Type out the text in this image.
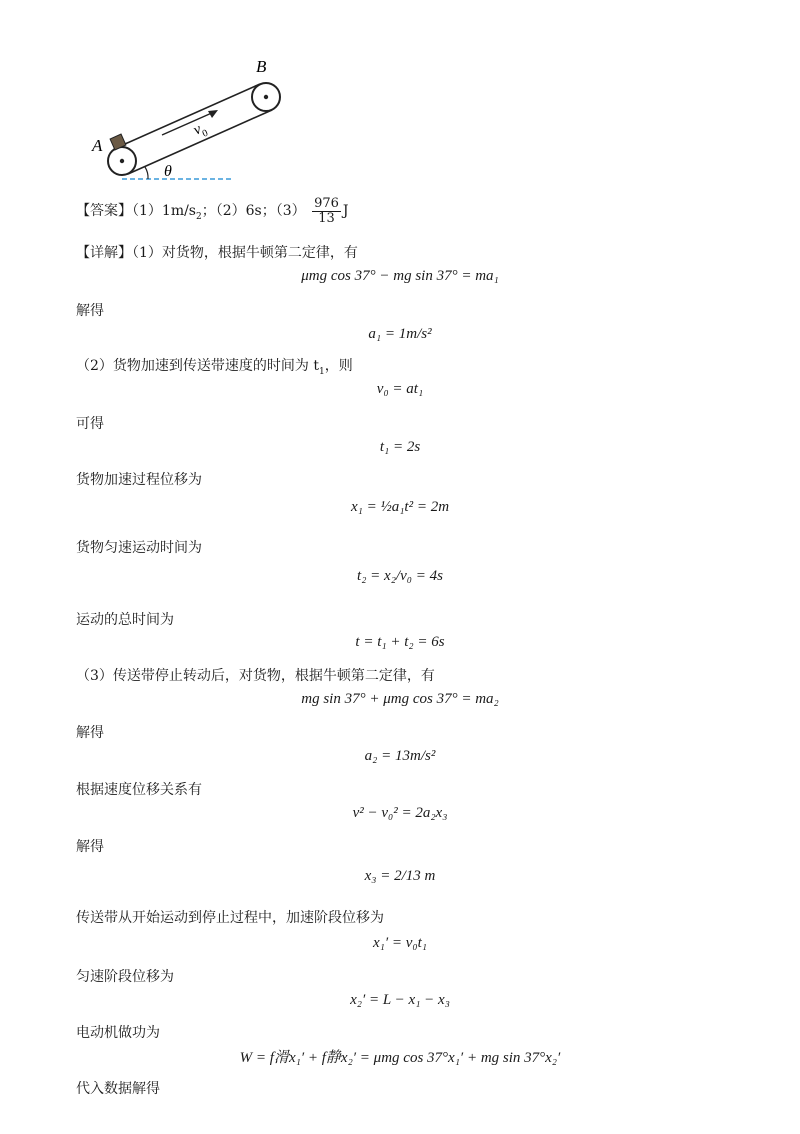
A
B
v
0
θ
【答案】$(1)1m/s_2$；（2）6s；$(3) \frac{976}{13}$ J
【详解】（1）对货物，根据牛顿第二定律，有
μmg cos 37° − mg sin 37° = ma₁
解得
a₁ = 1m/s²
（2）货物加速到传送带速度的时间为 $t_1$，则
v₀ = at₁
可得
t₁ = 2s
货物加速过程位移为
x₁ = ½a₁t² = 2m
货物匀速运动时间为
t₂ = x₂/v₀ = 4s
运动的总时间为
t = t₁ + t₂ = 6s
（3）传送带停止转动后，对货物，根据牛顿第二定律，有
mg sin 37° + μmg cos 37° = ma₂
解得
a₂ = 13m/s²
根据速度位移关系有
v² − v₀² = 2a₂x₃
解得
x₃ = 2/13 m
传送带从开始运动到停止过程中，加速阶段位移为
x₁′ = v₀t₁
匀速阶段位移为
x₂′ = L − x₁ − x₃
电动机做功为
W = f滑x₁′ + f静x₂′ = μmg cos 37°x₁′ + mg sin 37°x₂′
代入数据解得
